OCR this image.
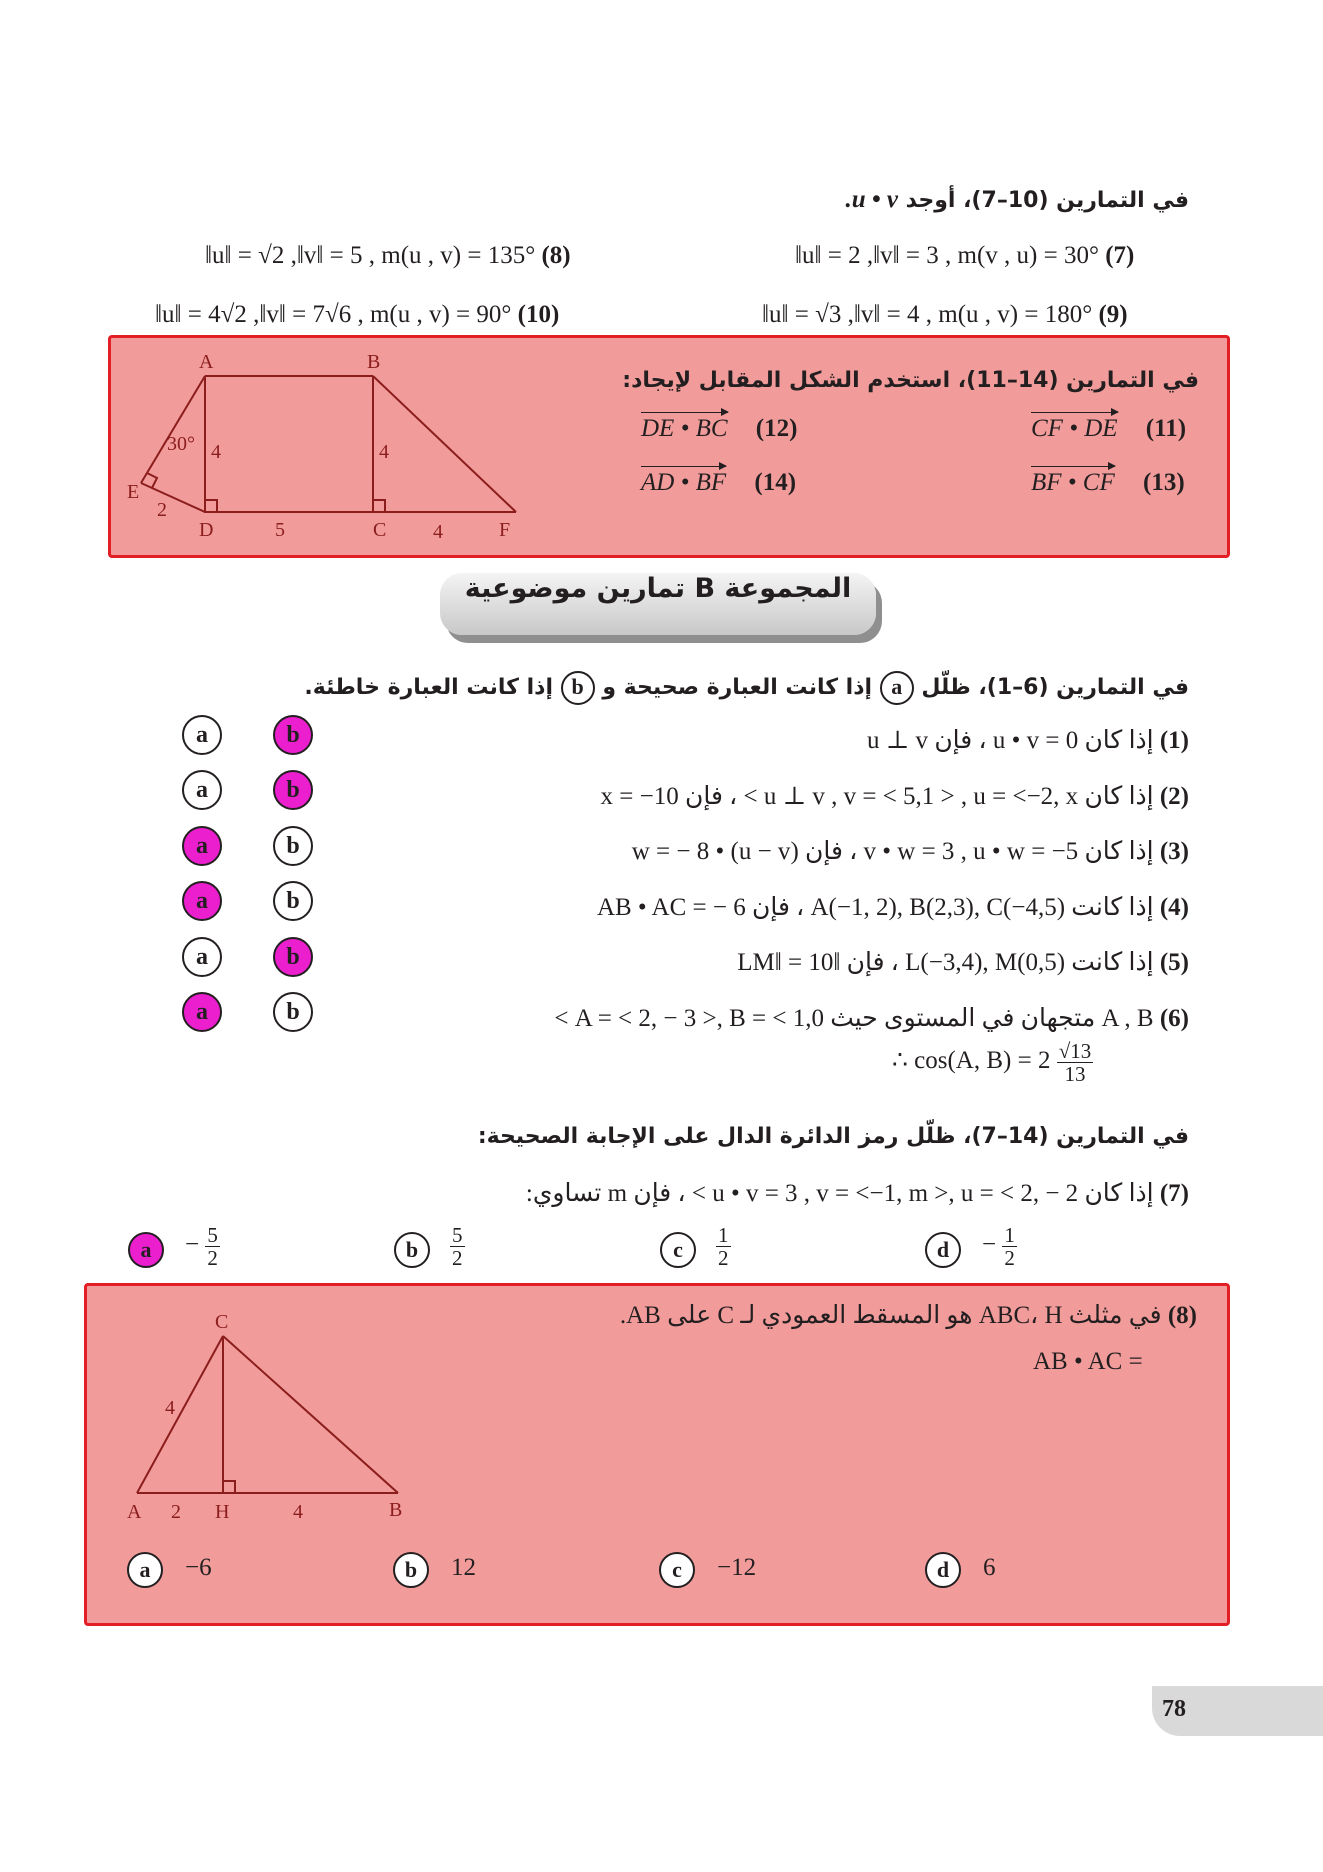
في التمارين (10–7)، أوجد u • v.
‖u‖ = 2 ,‖v‖ = 3 , m(v , u) = 30° (7)
‖u‖ = √2 ,‖v‖ = 5 , m(u , v) = 135° (8)
‖u‖ = √3 ,‖v‖ = 4 , m(u , v) = 180° (9)
‖u‖ = 4√2 ,‖v‖ = 7√6 , m(u , v) = 90° (10)
في التمارين (14–11)، استخدم الشكل المقابل لإيجاد:
CF • DE (11)
DE • BC (12)
BF • CF (13)
AD • BF (14)
A	B
C
D
E
F
30° 4	4
2
5	4
المجموعة B تمارين موضوعية
في التمارين (6–1)، ظلّل a إذا كانت العبارة صحيحة و b إذا كانت العبارة خاطئة.
(1) إذا كان 0 = u • v ، فإن u ⊥ v
(2) إذا كان u ⊥ v , v = < 5,1 > , u = <−2, x > ، فإن x = −10
(3) إذا كان v • w = 3 , u • w = −5 ، فإن (u − v) • w = − 8
(4) إذا كانت A(−1, 2), B(2,3), C(−4,5) ، فإن AB • AC = − 6
(5) إذا كانت L(−3,4), M(0,5) ، فإن ‖LM‖ = 10
(6) A , B متجهان في المستوى حيث A = < 2, − 3 >, B = < 1,0 >
∴ cos(A, $B) = 2 \frac{√13}{13}$
a	b
a	b
a	b
a	b
a	b
a	b
في التمارين (14–7)، ظلّل رمز الدائرة الدال على الإجابة الصحيحة:
(7) إذا كان u • v = 3 , v = <−1, m >, u = < 2, − 2 > ، فإن m تساوي:
a	− $\frac{5}{2}$	b	$\frac{5}{2}$	c	$\frac{1}{2}$	d	− $\frac{1}{2}$
(8) في مثلث ABC، H هو المسقط العمودي لـ C على AB.
AB • AC =
C
A	H	B
4
2	4
a	−6	b	12	c	−12	d	6
78
